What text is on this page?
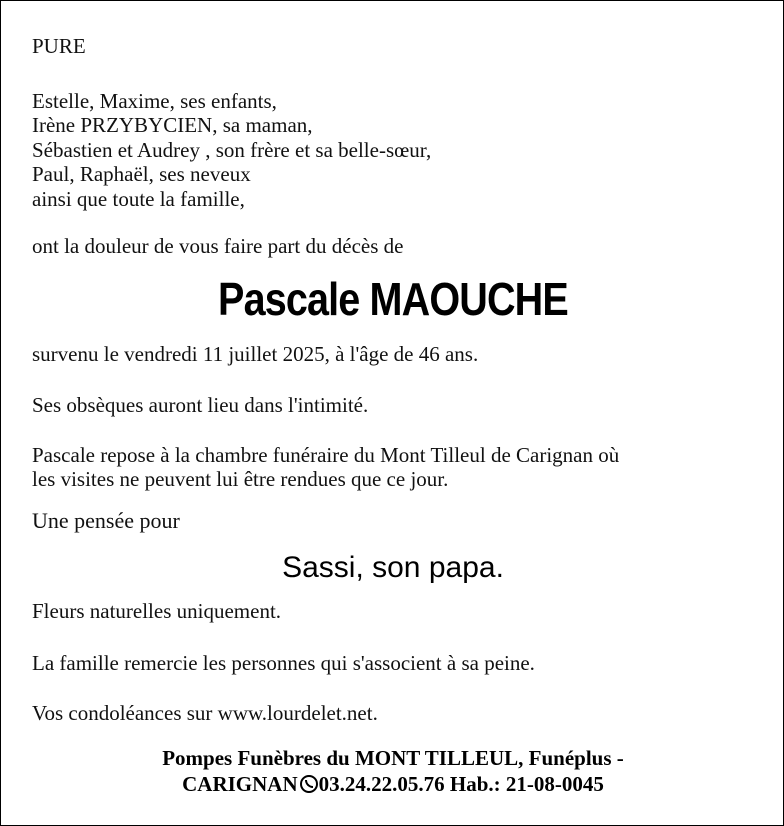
PURE
Estelle, Maxime, ses enfants,
Irène PRZYBYCIEN, sa maman,
Sébastien et Audrey , son frère et sa belle-sœur,
Paul, Raphaël, ses neveux
ainsi que toute la famille,
ont la douleur de vous faire part du décès de
Pascale MAOUCHE
survenu le vendredi 11 juillet 2025, à l'âge de 46 ans.
Ses obsèques auront lieu dans l'intimité.
Pascale repose à la chambre funéraire du Mont Tilleul de Carignan où
les visites ne peuvent lui être rendues que ce jour.
Une pensée pour
Sassi, son papa.
Fleurs naturelles uniquement.
La famille remercie les personnes qui s'associent à sa peine.
Vos condoléances sur www.lourdelet.net.
Pompes Funèbres du MONT TILLEUL, Funéplus -
CARIGNAN 03.24.22.05.76 Hab.: 21-08-0045
